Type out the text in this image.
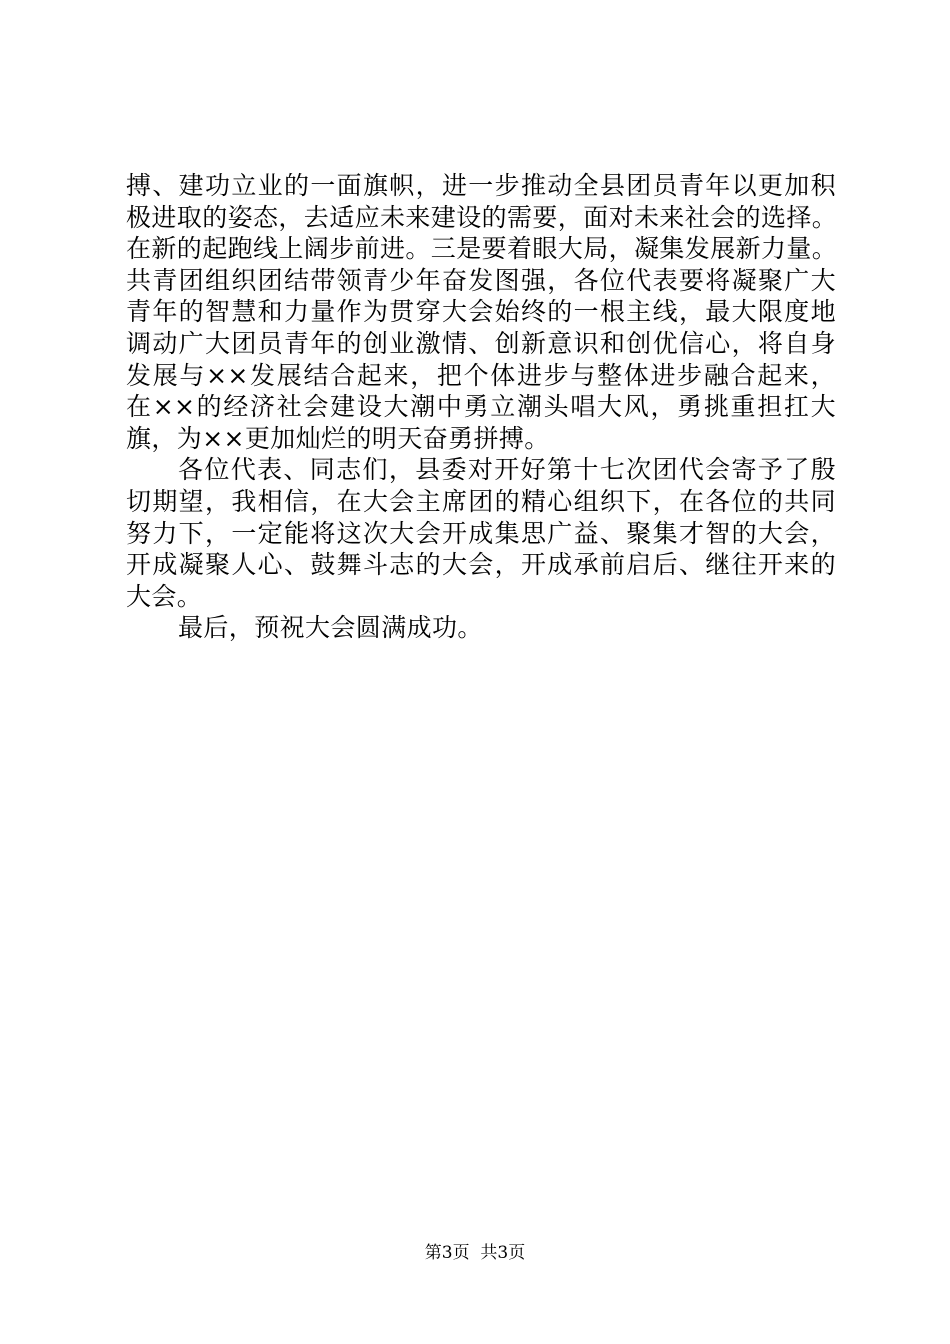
搏、建功立业的一面旗帜，进一步推动全县团员青年以更加积
极进取的姿态，去适应未来建设的需要，面对未来社会的选择。
在新的起跑线上阔步前进。三是要着眼大局，凝集发展新力量。
共青团组织团结带领青少年奋发图强，各位代表要将凝聚广大
青年的智慧和力量作为贯穿大会始终的一根主线，最大限度地
调动广大团员青年的创业激情、创新意识和创优信心，将自身
发展与××发展结合起来，把个体进步与整体进步融合起来，
在××的经济社会建设大潮中勇立潮头唱大风，勇挑重担扛大
旗，为××更加灿烂的明天奋勇拼搏。
各位代表、同志们，县委对开好第十七次团代会寄予了殷
切期望，我相信，在大会主席团的精心组织下，在各位的共同
努力下，一定能将这次大会开成集思广益、聚集才智的大会，
开成凝聚人心、鼓舞斗志的大会，开成承前启后、继往开来的
大会。
最后，预祝大会圆满成功。
第3页  共3页
